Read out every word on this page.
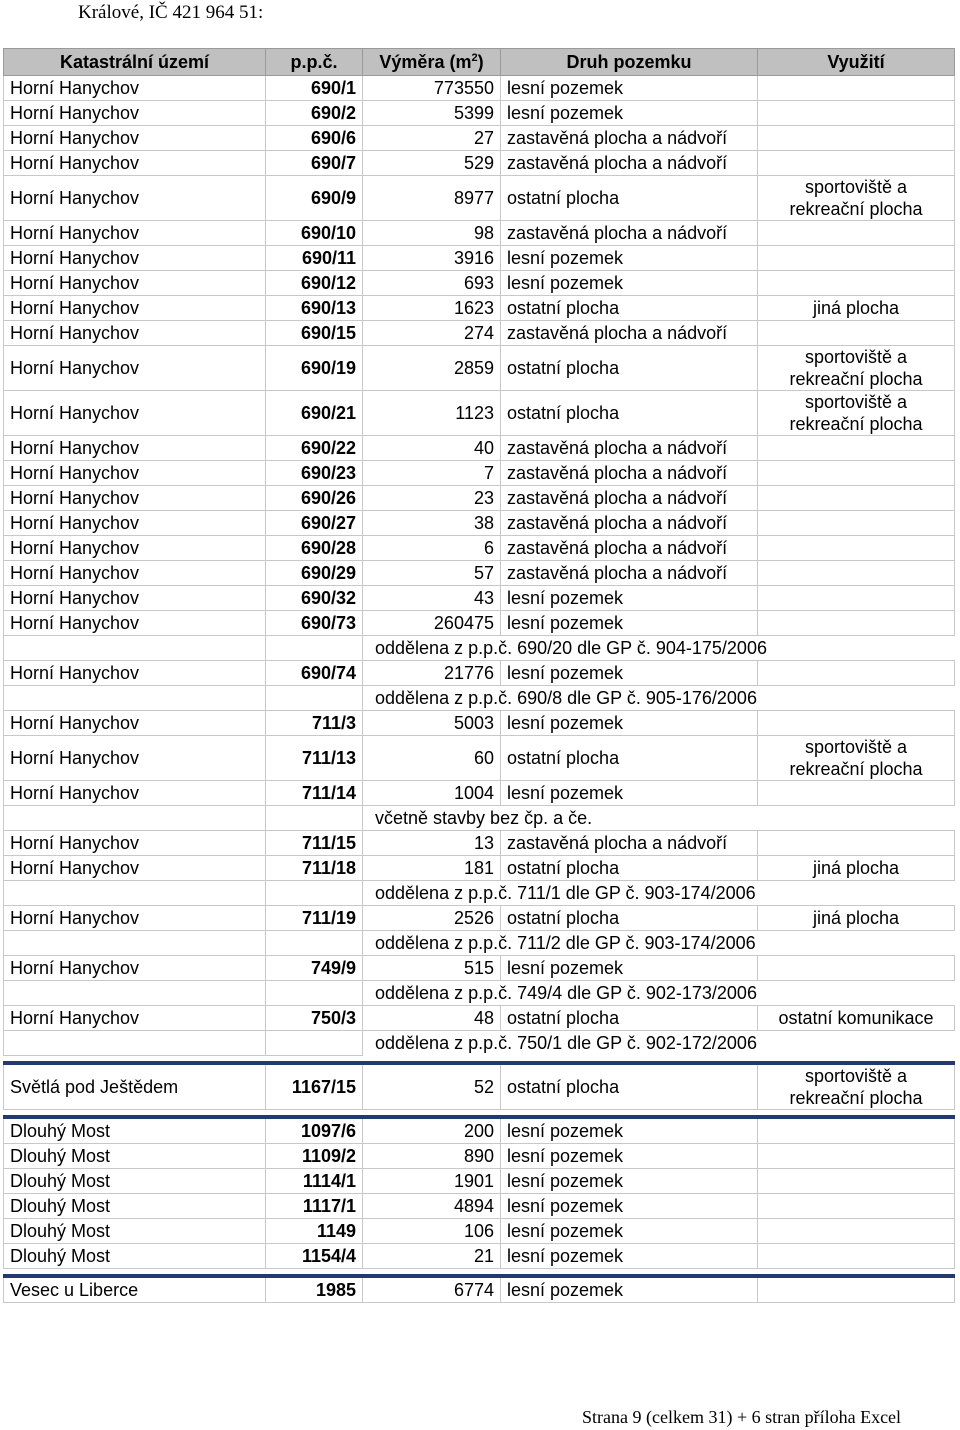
Králové, IČ 421 964 51:
Katastrální území	p.p.č.	Výměra $(m^2)$	Druh pozemku	Využití
Horní Hanychov	690/1	773550	lesní pozemek	

Horní Hanychov	690/2	5399	lesní pozemek	

Horní Hanychov	690/6	27	zastavěná plocha a nádvoří	

Horní Hanychov	690/7	529	zastavěná plocha a nádvoří	

Horní Hanychov	690/9	8977	ostatní plocha	sportoviště a
rekreační plocha

Horní Hanychov	690/10	98	zastavěná plocha a nádvoří	

Horní Hanychov	690/11	3916	lesní pozemek	

Horní Hanychov	690/12	693	lesní pozemek	

Horní Hanychov	690/13	1623	ostatní plocha	jiná plocha

Horní Hanychov	690/15	274	zastavěná plocha a nádvoří	

Horní Hanychov	690/19	2859	ostatní plocha	sportoviště a
rekreační plocha

Horní Hanychov	690/21	1123	ostatní plocha	sportoviště a
rekreační plocha

Horní Hanychov	690/22	40	zastavěná plocha a nádvoří	

Horní Hanychov	690/23	7	zastavěná plocha a nádvoří	

Horní Hanychov	690/26	23	zastavěná plocha a nádvoří	

Horní Hanychov	690/27	38	zastavěná plocha a nádvoří	

Horní Hanychov	690/28	6	zastavěná plocha a nádvoří	

Horní Hanychov	690/29	57	zastavěná plocha a nádvoří	

Horní Hanychov	690/32	43	lesní pozemek	

Horní Hanychov	690/73	260475	lesní pozemek	

		oddělena z p.p.č. 690/20 dle GP č. 904-175/2006		
Horní Hanychov	690/74	21776	lesní pozemek	

		oddělena z p.p.č. 690/8 dle GP č. 905-176/2006		
Horní Hanychov	711/3	5003	lesní pozemek	

Horní Hanychov	711/13	60	ostatní plocha	sportoviště a
rekreační plocha

Horní Hanychov	711/14	1004	lesní pozemek	

		včetně stavby bez čp. a če.		
Horní Hanychov	711/15	13	zastavěná plocha a nádvoří	

Horní Hanychov	711/18	181	ostatní plocha	jiná plocha

		oddělena z p.p.č. 711/1 dle GP č. 903-174/2006		
Horní Hanychov	711/19	2526	ostatní plocha	jiná plocha

		oddělena z p.p.č. 711/2 dle GP č. 903-174/2006		
Horní Hanychov	749/9	515	lesní pozemek	

		oddělena z p.p.č. 749/4 dle GP č. 902-173/2006		
Horní Hanychov	750/3	48	ostatní plocha	ostatní komunikace

		oddělena z p.p.č. 750/1 dle GP č. 902-172/2006		

Světlá pod Ještědem	1167/15	52	ostatní plocha	sportoviště a
rekreační plocha

Dlouhý Most	1097/6	200	lesní pozemek	

Dlouhý Most	1109/2	890	lesní pozemek	

Dlouhý Most	1114/1	1901	lesní pozemek	

Dlouhý Most	1117/1	4894	lesní pozemek	

Dlouhý Most	1149	106	lesní pozemek	

Dlouhý Most	1154/4	21	lesní pozemek	

Vesec u Liberce	1985	6774	lesní pozemek	
Strana 9 (celkem 31) + 6 stran příloha Excel
